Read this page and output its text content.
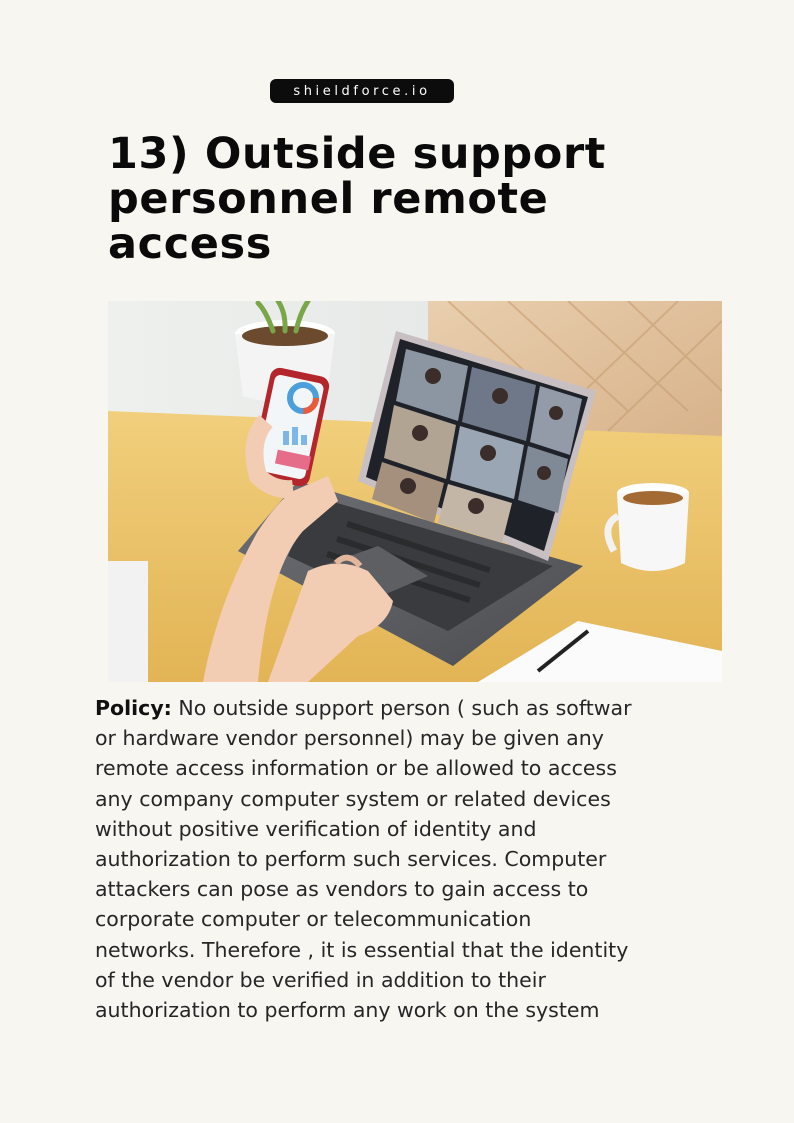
shieldforce.io
13) Outside support
personnel remote
access

Policy: No outside support person ( such as softwar
or hardware vendor personnel) may be given any
remote access information or be allowed to access
any company computer system or related devices
without positive verification of identity and
authorization to perform such services. Computer
attackers can pose as vendors to gain access to
corporate computer or telecommunication
networks. Therefore , it is essential that the identity
of the vendor be verified in addition to their
authorization to perform any work on the system
